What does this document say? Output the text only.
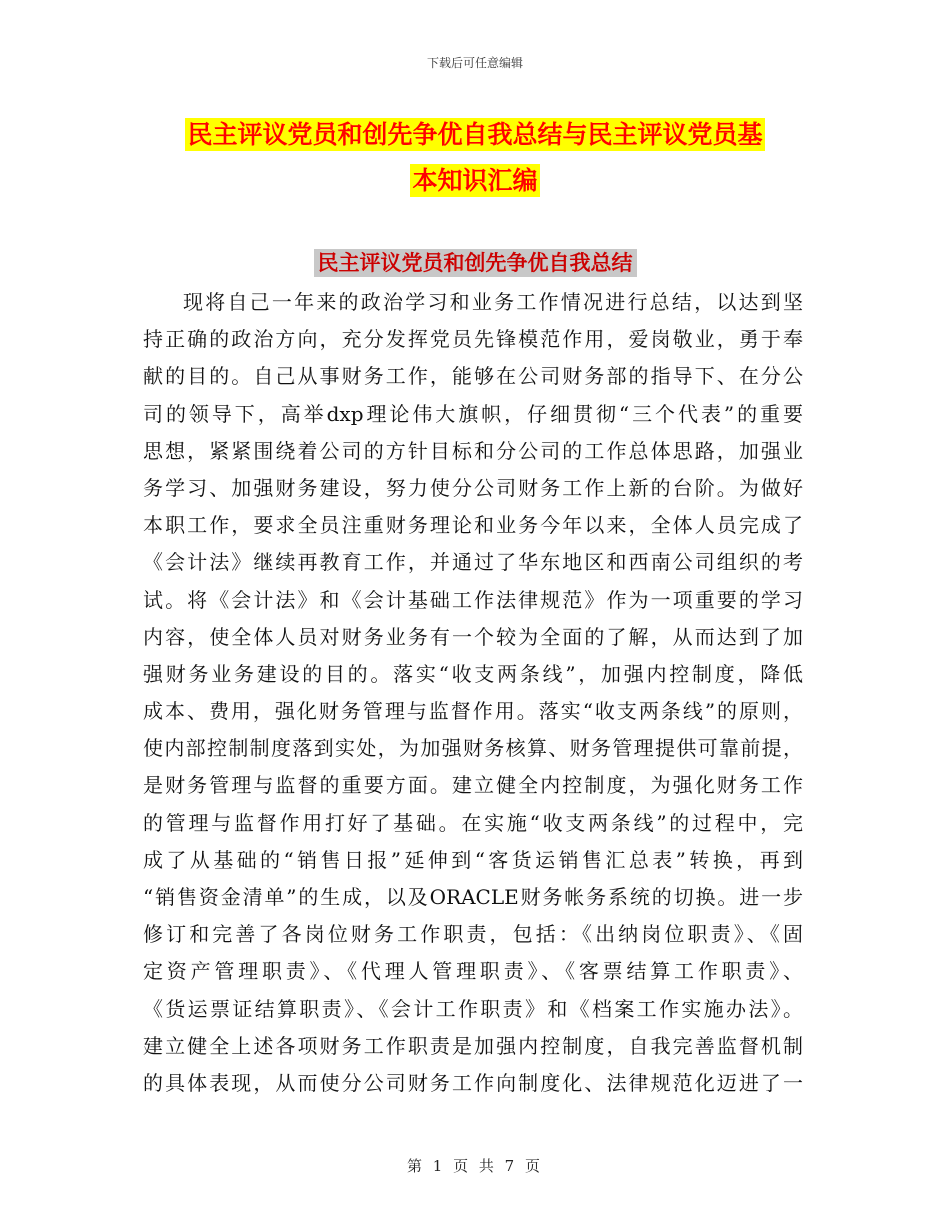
下载后可任意编辑
民主评议党员和创先争优自我总结与民主评议党员基
本知识汇编
民主评议党员和创先争优自我总结
现将自己一年来的政治学习和业务工作情况进行总结，以达到坚
持正确的政治方向，充分发挥党员先锋模范作用，爱岗敬业，勇于奉
献的目的。自己从事财务工作，能够在公司财务部的指导下、在分公
司的领导下，高举dxp理论伟大旗帜，仔细贯彻“三个代表”的重要
思想，紧紧围绕着公司的方针目标和分公司的工作总体思路，加强业
务学习、加强财务建设，努力使分公司财务工作上新的台阶。为做好
本职工作，要求全员注重财务理论和业务今年以来，全体人员完成了
《会计法》继续再教育工作，并通过了华东地区和西南公司组织的考
试。将《会计法》和《会计基础工作法律规范》作为一项重要的学习
内容，使全体人员对财务业务有一个较为全面的了解，从而达到了加
强财务业务建设的目的。落实“收支两条线”，加强内控制度，降低
成本、费用，强化财务管理与监督作用。落实“收支两条线”的原则，
使内部控制制度落到实处，为加强财务核算、财务管理提供可靠前提，
是财务管理与监督的重要方面。建立健全内控制度，为强化财务工作
的管理与监督作用打好了基础。在实施“收支两条线”的过程中，完
成了从基础的“销售日报”延伸到“客货运销售汇总表”转换，再到
“销售资金清单”的生成，以及ORACLE财务帐务系统的切换。进一步
修订和完善了各岗位财务工作职责，包括：《出纳岗位职责》、《固
定资产管理职责》、《代理人管理职责》、《客票结算工作职责》、
《货运票证结算职责》、《会计工作职责》和《档案工作实施办法》。
建立健全上述各项财务工作职责是加强内控制度，自我完善监督机制
的具体表现，从而使分公司财务工作向制度化、法律规范化迈进了一
第 1 页 共 7 页
